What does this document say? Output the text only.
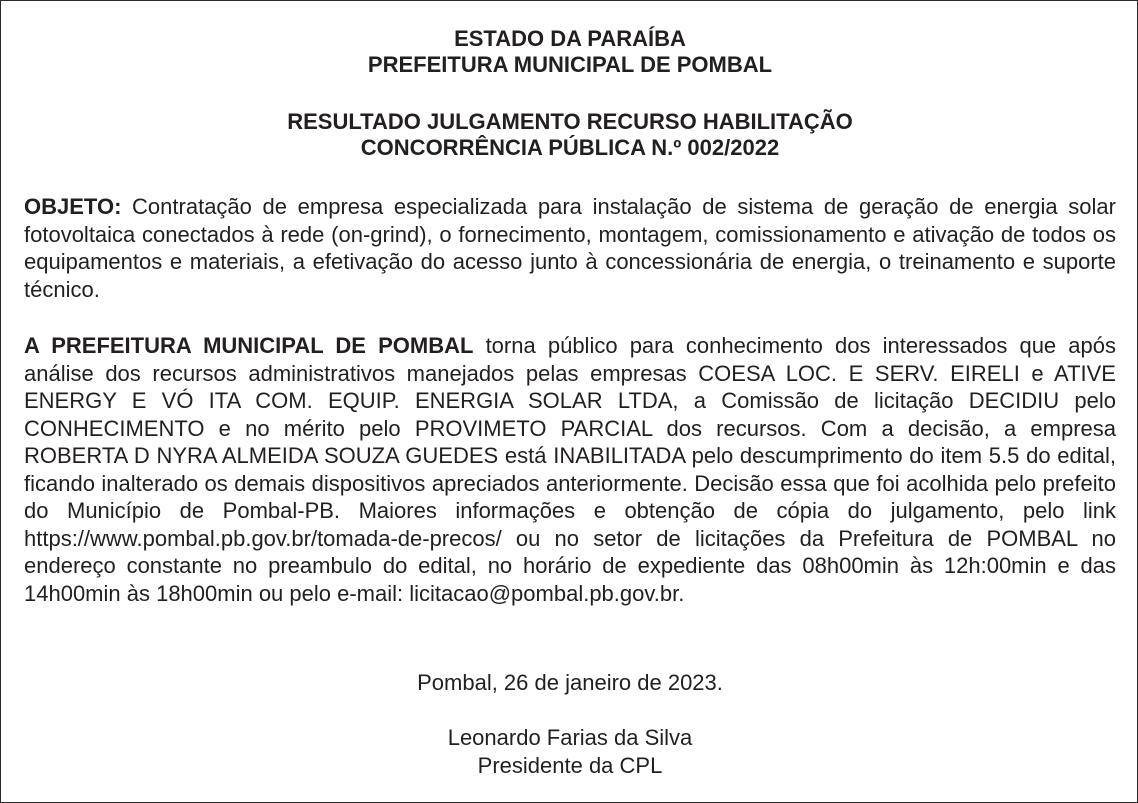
ESTADO DA PARAÍBA
PREFEITURA MUNICIPAL DE POMBAL
RESULTADO JULGAMENTO RECURSO HABILITAÇÃO
CONCORRÊNCIA PÚBLICA N.º 002/2022

OBJETO: Contratação de empresa especializada para instalação de sistema de geração de energia solar fotovoltaica conectados à rede (on-grind), o fornecimento, montagem, comissionamento e ativação de todos os equipamentos e materiais, a efetivação do acesso junto à concessionária de energia, o treinamento e suporte técnico.

A PREFEITURA MUNICIPAL DE POMBAL torna público para conhecimento dos interessados que após análise dos recursos administrativos manejados pelas empresas COESA LOC. E SERV. EIRELI e ATIVE ENERGY E VÓ ITA COM. EQUIP. ENERGIA SOLAR LTDA, a Comissão de licitação DECIDIU pelo CONHECIMENTO e no mérito pelo PROVIMETO PARCIAL dos recursos. Com a decisão, a empresa ROBERTA D NYRA ALMEIDA SOUZA GUEDES está INABILITADA pelo descumprimento do item 5.5 do edital, ficando inalterado os demais dispositivos apreciados anteriormente. Decisão essa que foi acolhida pelo prefeito do Município de Pombal-PB. Maiores informações e obtenção de cópia do julgamento, pelo link https://www.pombal.pb.gov.br/tomada-de-precos/ ou no setor de licitações da Prefeitura de POMBAL no endereço constante no preambulo do edital, no horário de expediente das 08h00min às 12h:00min e das 14h00min às 18h00min ou pelo e-mail: licitacao@pombal.pb.gov.br.

Pombal, 26 de janeiro de 2023.

Leonardo Farias da Silva
Presidente da CPL
